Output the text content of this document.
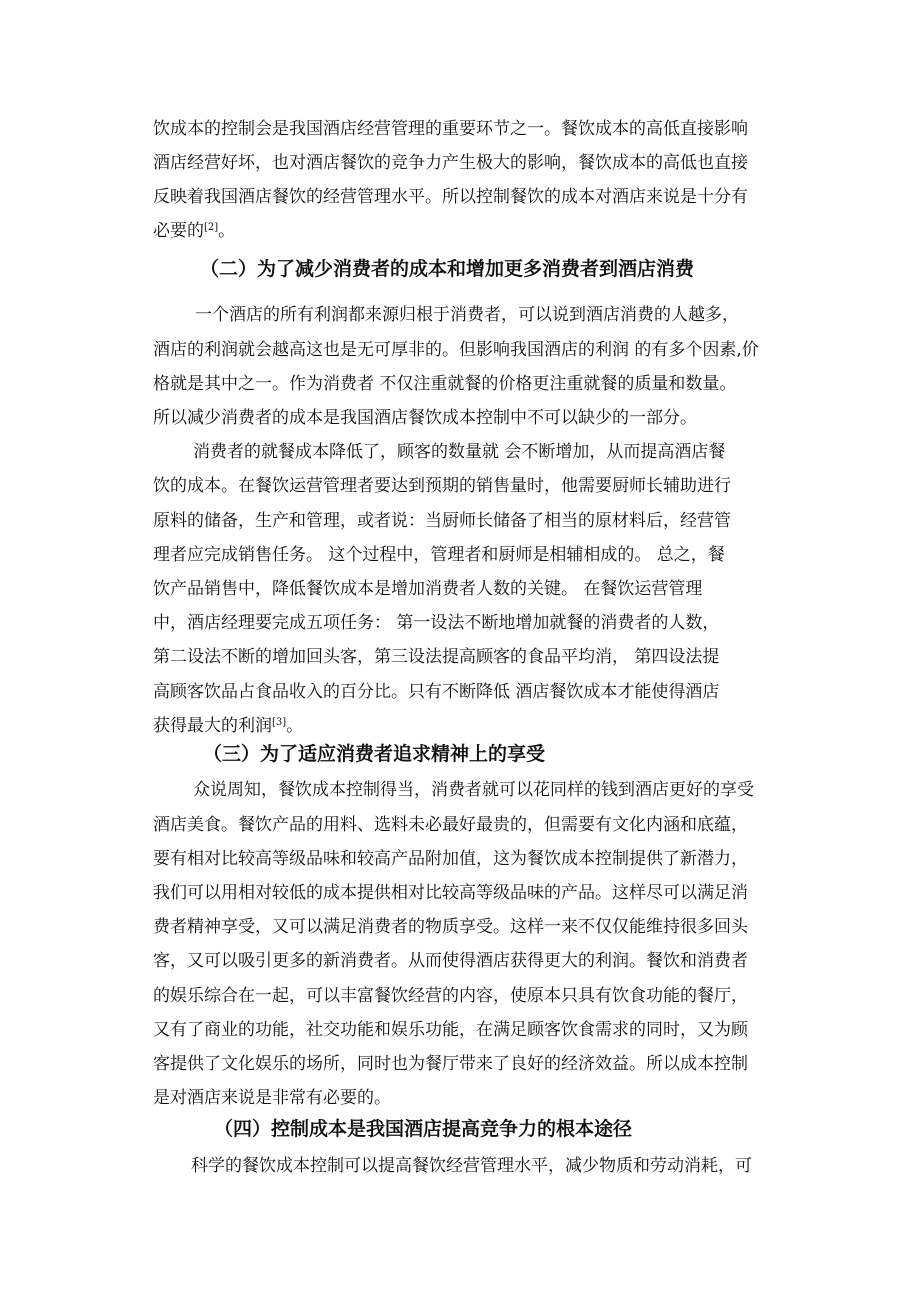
饮成本的控制会是我国酒店经营管理的重要环节之一。餐饮成本的高低直接影响

酒店经营好坏，也对酒店餐饮的竞争力产生极大的影响，餐饮成本的高低也直接

反映着我国酒店餐饮的经营管理水平。所以控制餐饮的成本对酒店来说是十分有

必要的[2]。

（二）为了减少消费者的成本和增加更多消费者到酒店消费

一个酒店的所有利润都来源归根于消费者，可以说到酒店消费的人越多，

酒店的利润就会越高这也是无可厚非的。但影响我国酒店的利润 的有多个因素,价

格就是其中之一。作为消费者 不仅注重就餐的价格更注重就餐的质量和数量。

所以减少消费者的成本是我国酒店餐饮成本控制中不可以缺少的一部分。

消费者的就餐成本降低了，顾客的数量就 会不断增加，从而提高酒店餐

饮的成本。在餐饮运营管理者要达到预期的销售量时，他需要厨师长辅助进行

原料的储备，生产和管理，或者说：当厨师长储备了相当的原材料后，经营管

理者应完成销售任务。 这个过程中，管理者和厨师是相辅相成的。 总之，餐

饮产品销售中，降低餐饮成本是增加消费者人数的关键。 在餐饮运营管理

中，酒店经理要完成五项任务： 第一设法不断地增加就餐的消费者的人数，

第二设法不断的增加回头客，第三设法提高顾客的食品平均消， 第四设法提

高顾客饮品占食品收入的百分比。只有不断降低 酒店餐饮成本才能使得酒店

获得最大的利润[3]。

（三）为了适应消费者追求精神上的享受

众说周知，餐饮成本控制得当，消费者就可以花同样的钱到酒店更好的享受

酒店美食。餐饮产品的用料、选料未必最好最贵的，但需要有文化内涵和底蕴，

要有相对比较高等级品味和较高产品附加值，这为餐饮成本控制提供了新潜力，

我们可以用相对较低的成本提供相对比较高等级品味的产品。这样尽可以满足消

费者精神享受，又可以满足消费者的物质享受。这样一来不仅仅能维持很多回头

客，又可以吸引更多的新消费者。从而使得酒店获得更大的利润。餐饮和消费者

的娱乐综合在一起，可以丰富餐饮经营的内容，使原本只具有饮食功能的餐厅，

又有了商业的功能，社交功能和娱乐功能，在满足顾客饮食需求的同时，又为顾

客提供了文化娱乐的场所，同时也为餐厅带来了良好的经济效益。所以成本控制

是对酒店来说是非常有必要的。

（四）控制成本是我国酒店提高竞争力的根本途径

科学的餐饮成本控制可以提高餐饮经营管理水平，减少物质和劳动消耗，可
